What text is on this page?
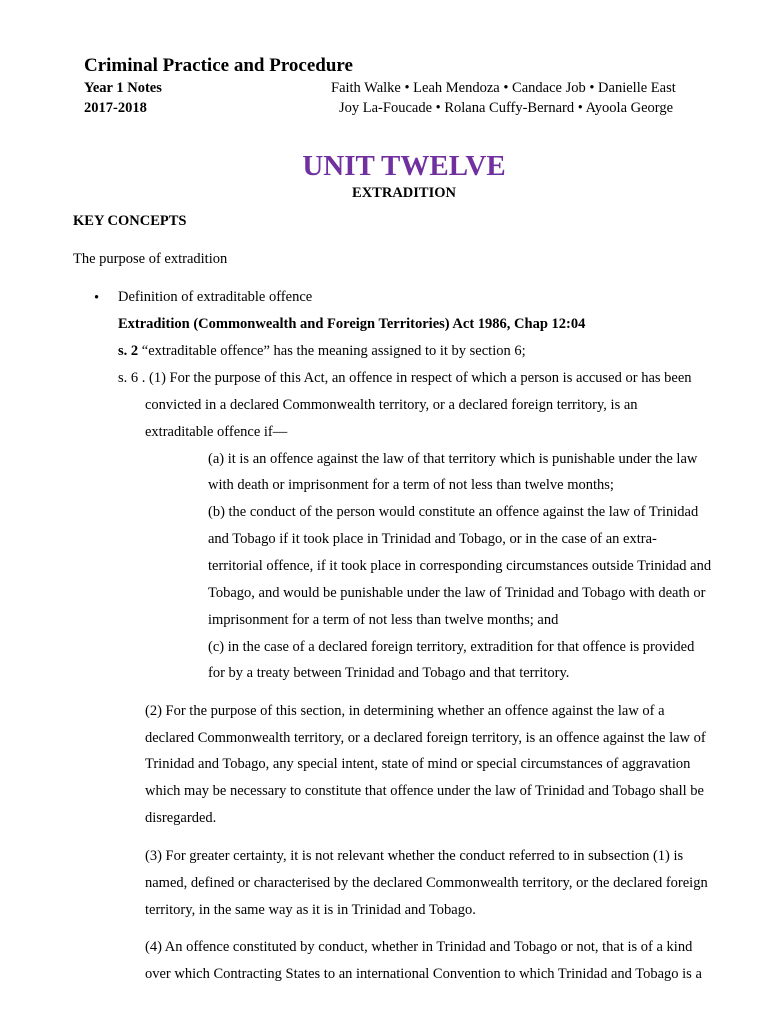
Criminal Practice and Procedure
Year 1 Notes
2017-2018
Faith Walke • Leah Mendoza • Candace Job • Danielle East
Joy La-Foucade • Rolana Cuffy-Bernard • Ayoola George
UNIT TWELVE
EXTRADITION
KEY CONCEPTS
The purpose of extradition
• Definition of extraditable offence
Extradition (Commonwealth and Foreign Territories) Act 1986, Chap 12:04
s. 2 “extraditable offence” has the meaning assigned to it by section 6;
s. 6 . (1) For the purpose of this Act, an offence in respect of which a person is accused or has been
convicted in a declared Commonwealth territory, or a declared foreign territory, is an
extraditable offence if—
(a) it is an offence against the law of that territory which is punishable under the law
with death or imprisonment for a term of not less than twelve months;
(b) the conduct of the person would constitute an offence against the law of Trinidad
and Tobago if it took place in Trinidad and Tobago, or in the case of an extra-
territorial offence, if it took place in corresponding circumstances outside Trinidad and
Tobago, and would be punishable under the law of Trinidad and Tobago with death or
imprisonment for a term of not less than twelve months; and
(c) in the case of a declared foreign territory, extradition for that offence is provided
for by a treaty between Trinidad and Tobago and that territory.
(2) For the purpose of this section, in determining whether an offence against the law of a
declared Commonwealth territory, or a declared foreign territory, is an offence against the law of
Trinidad and Tobago, any special intent, state of mind or special circumstances of aggravation
which may be necessary to constitute that offence under the law of Trinidad and Tobago shall be
disregarded.
(3) For greater certainty, it is not relevant whether the conduct referred to in subsection (1) is
named, defined or characterised by the declared Commonwealth territory, or the declared foreign
territory, in the same way as it is in Trinidad and Tobago.
(4) An offence constituted by conduct, whether in Trinidad and Tobago or not, that is of a kind
over which Contracting States to an international Convention to which Trinidad and Tobago is a
